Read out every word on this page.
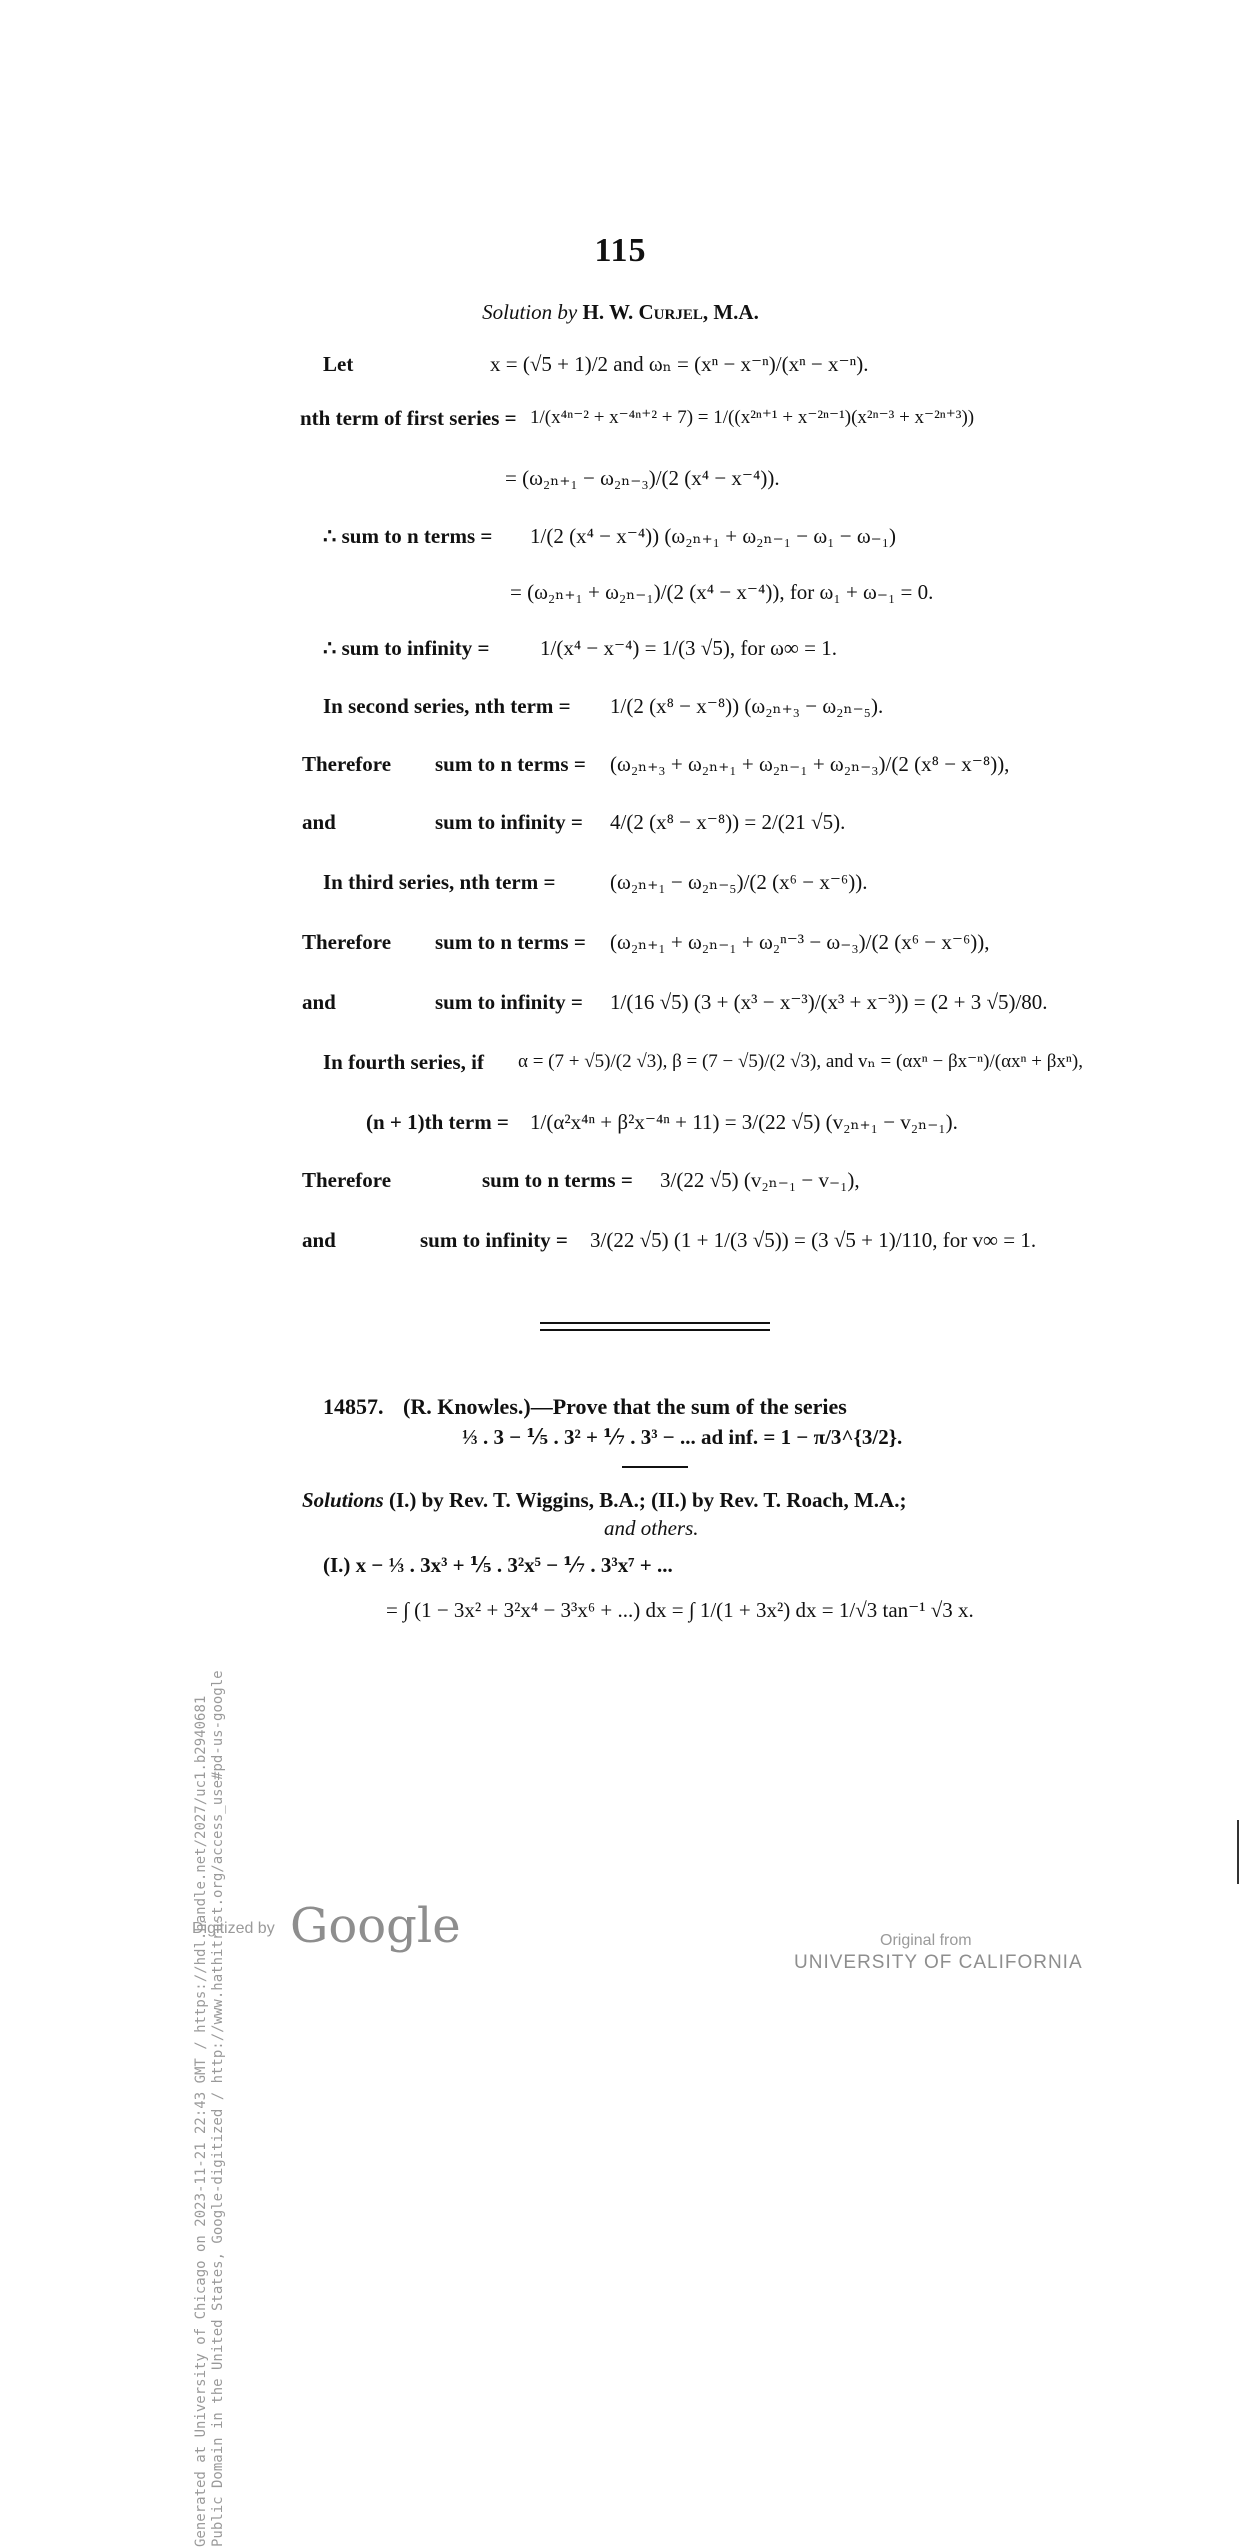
115
Solution by H. W. Curjel, M.A.
Let	x = (√5 + 1)/2 and ωₙ = (xⁿ − x⁻ⁿ)/(xⁿ − x⁻ⁿ).
nth term of first series = 1/(x⁴ⁿ⁻² + x⁻⁴ⁿ⁺² + 7) = 1/((x²ⁿ⁺¹ + x⁻²ⁿ⁻¹)(x²ⁿ⁻³ + x⁻²ⁿ⁺³))
= (ω₂ₙ₊₁ − ω₂ₙ₋₃)/(2 (x⁴ − x⁻⁴)).
∴ sum to n terms = 1/(2 (x⁴ − x⁻⁴)) (ω₂ₙ₊₁ + ω₂ₙ₋₁ − ω₁ − ω₋₁)
= (ω₂ₙ₊₁ + ω₂ₙ₋₁)/(2 (x⁴ − x⁻⁴)), for ω₁ + ω₋₁ = 0.
∴ sum to infinity = 1/(x⁴ − x⁻⁴) = 1/(3 √5), for ω∞ = 1.
In second series, nth term = 1/(2 (x⁸ − x⁻⁸)) (ω₂ₙ₊₃ − ω₂ₙ₋₅).
Therefore sum to n terms = (ω₂ₙ₊₃ + ω₂ₙ₊₁ + ω₂ₙ₋₁ + ω₂ₙ₋₃)/(2 (x⁸ − x⁻⁸)),
and	sum to infinity = 4/(2 (x⁸ − x⁻⁸)) = 2/(21 √5).
In third series, nth term =	(ω₂ₙ₊₁ − ω₂ₙ₋₅)/(2 (x⁶ − x⁻⁶)).
Therefore sum to n terms = (ω₂ₙ₊₁ + ω₂ₙ₋₁ + ω₂ⁿ⁻³ − ω₋₃)/(2 (x⁶ − x⁻⁶)),
and	sum to infinity = 1/(16 √5) (3 + (x³ − x⁻³)/(x³ + x⁻³)) = (2 + 3 √5)/80.
In fourth series, if α = (7 + √5)/(2 √3), β = (7 − √5)/(2 √3), and vₙ = (αxⁿ − βx⁻ⁿ)/(αxⁿ + βxⁿ),
(n + 1)th term = 1/(α²x⁴ⁿ + β²x⁻⁴ⁿ + 11) = 3/(22 √5) (v₂ₙ₊₁ − v₂ₙ₋₁).
Therefore	sum to n terms = 3/(22 √5) (v₂ₙ₋₁ − v₋₁),
and	sum to infinity = 3/(22 √5) (1 + 1/(3 √5)) = (3 √5 + 1)/110, for v∞ = 1.
14857. (R. Knowles.)—Prove that the sum of the series
⅓ . 3 − ⅕ . 3² + ⅐ . 3³ − ... ad inf. = 1 − π/3^{3/2}.
Solutions (I.) by Rev. T. Wiggins, B.A.; (II.) by Rev. T. Roach, M.A.;
and others.
(I.) x − ⅓ . 3x³ + ⅕ . 3²x⁵ − ⅐ . 3³x⁷ + ...
= ∫ (1 − 3x² + 3²x⁴ − 3³x⁶ + ...) dx = ∫ 1/(1 + 3x²) dx = 1/√3 tan⁻¹ √3 x.
Generated at University of Chicago on 2023-11-21 22:43 GMT / https://hdl.handle.net/2027/uc1.b2940681 Public Domain in the United States, Google-digitized / http://www.hathitrust.org/access_use#pd-us-google
Digitized by Google	Original from
UNIVERSITY OF CALIFORNIA
